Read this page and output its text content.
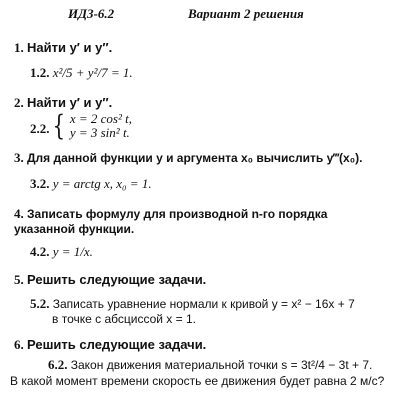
ИДЗ-6.2	Вариант 2 решения
1. Найти y′ и y″.
1.2. x²/5 + y²/7 = 1.
2. Найти y′ и y″.
2.2. { x = 2 cos² t,
y = 3 sin² t.
3. Для данной функции y и аргумента x₀ вычислить y‴(x₀).
3.2. y = arctg x, x₀ = 1.
4. Записать формулу для производной n-го порядка
указанной функции.
4.2. y = 1/x.
5. Решить следующие задачи.
5.2. Записать уравнение нормали к кривой y = x² − 16x + 7
в точке с абсциссой x = 1.
6. Решить следующие задачи.
6.2. Закон движения материальной точки s = 3t²/4 − 3t + 7.
В какой момент времени скорость ее движения будет равна 2 м/с?
